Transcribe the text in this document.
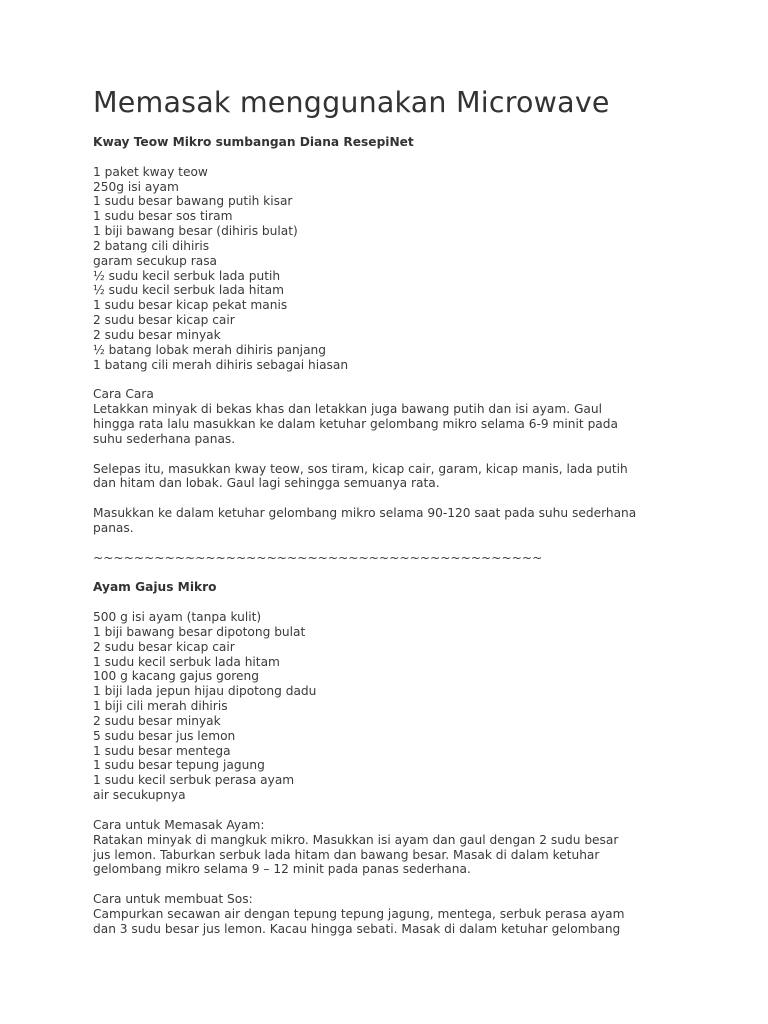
Memasak menggunakan Microwave
Kway Teow Mikro sumbangan Diana ResepiNet
1 paket kway teow
250g isi ayam
1 sudu besar bawang putih kisar
1 sudu besar sos tiram
1 biji bawang besar (dihiris bulat)
2 batang cili dihiris
garam secukup rasa
½ sudu kecil serbuk lada putih
½ sudu kecil serbuk lada hitam
1 sudu besar kicap pekat manis
2 sudu besar kicap cair
2 sudu besar minyak
½ batang lobak merah dihiris panjang
1 batang cili merah dihiris sebagai hiasan
Cara Cara
Letakkan minyak di bekas khas dan letakkan juga bawang putih dan isi ayam. Gaul
hingga rata lalu masukkan ke dalam ketuhar gelombang mikro selama 6-9 minit pada
suhu sederhana panas.
Selepas itu, masukkan kway teow, sos tiram, kicap cair, garam, kicap manis, lada putih
dan hitam dan lobak. Gaul lagi sehingga semuanya rata.
Masukkan ke dalam ketuhar gelombang mikro selama 90-120 saat pada suhu sederhana
panas.
~~~~~~~~~~~~~~~~~~~~~~~~~~~~~~~~~~~~~~~~~~~~
Ayam Gajus Mikro
500 g isi ayam (tanpa kulit)
1 biji bawang besar dipotong bulat
2 sudu besar kicap cair
1 sudu kecil serbuk lada hitam
100 g kacang gajus goreng
1 biji lada jepun hijau dipotong dadu
1 biji cili merah dihiris
2 sudu besar minyak
5 sudu besar jus lemon
1 sudu besar mentega
1 sudu besar tepung jagung
1 sudu kecil serbuk perasa ayam
air secukupnya
Cara untuk Memasak Ayam:
Ratakan minyak di mangkuk mikro. Masukkan isi ayam dan gaul dengan 2 sudu besar
jus lemon. Taburkan serbuk lada hitam dan bawang besar. Masak di dalam ketuhar
gelombang mikro selama 9 – 12 minit pada panas sederhana.
Cara untuk membuat Sos:
Campurkan secawan air dengan tepung tepung jagung, mentega, serbuk perasa ayam
dan 3 sudu besar jus lemon. Kacau hingga sebati. Masak di dalam ketuhar gelombang
